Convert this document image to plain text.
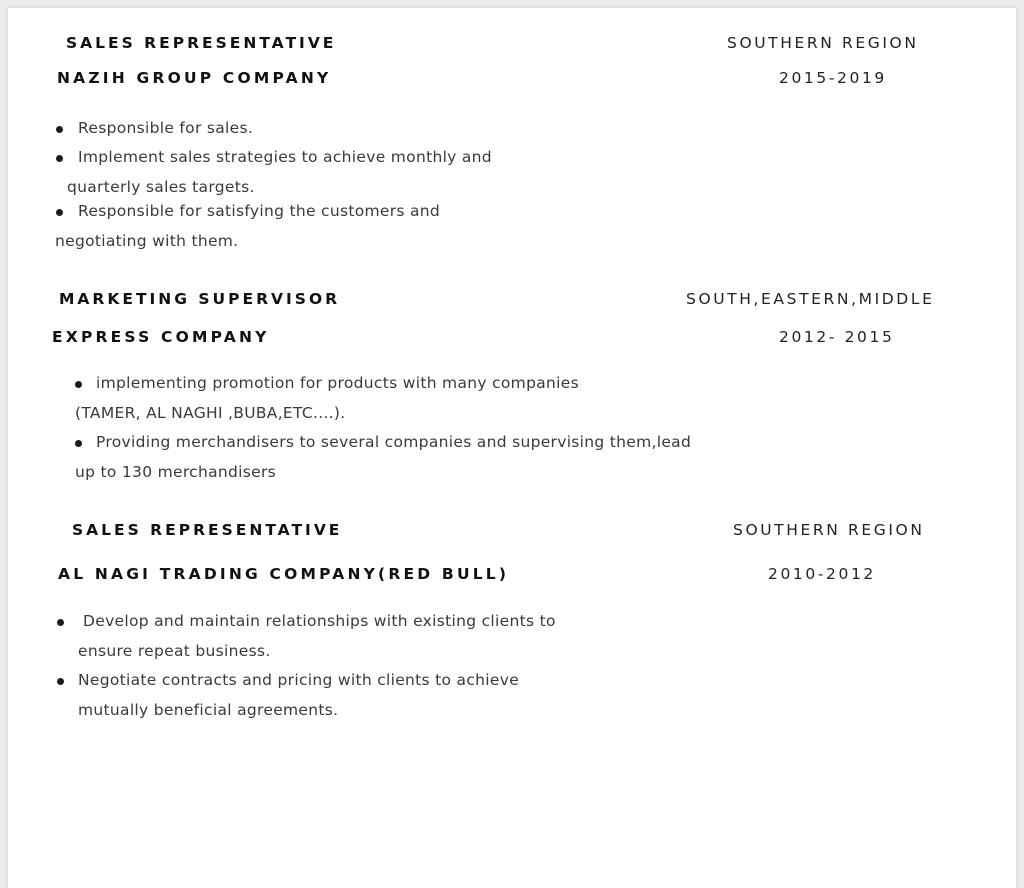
SALES REPRESENTATIVE	SOUTHERN REGION
NAZIH GROUP COMPANY	2015-2019
Responsible for sales.
Implement sales strategies to achieve monthly and
quarterly sales targets.
Responsible for satisfying the customers and
negotiating with them.
MARKETING SUPERVISOR	SOUTH,EASTERN,MIDDLE
EXPRESS COMPANY	2012- 2015
implementing promotion for products with many companies
(TAMER, AL NAGHI ,BUBA,ETC....).
Providing merchandisers to several companies and supervising them,lead
up to 130 merchandisers
SALES REPRESENTATIVE	SOUTHERN REGION
AL NAGI TRADING COMPANY(RED BULL)	2010-2012
Develop and maintain relationships with existing clients to
ensure repeat business.
Negotiate contracts and pricing with clients to achieve
mutually beneficial agreements.
